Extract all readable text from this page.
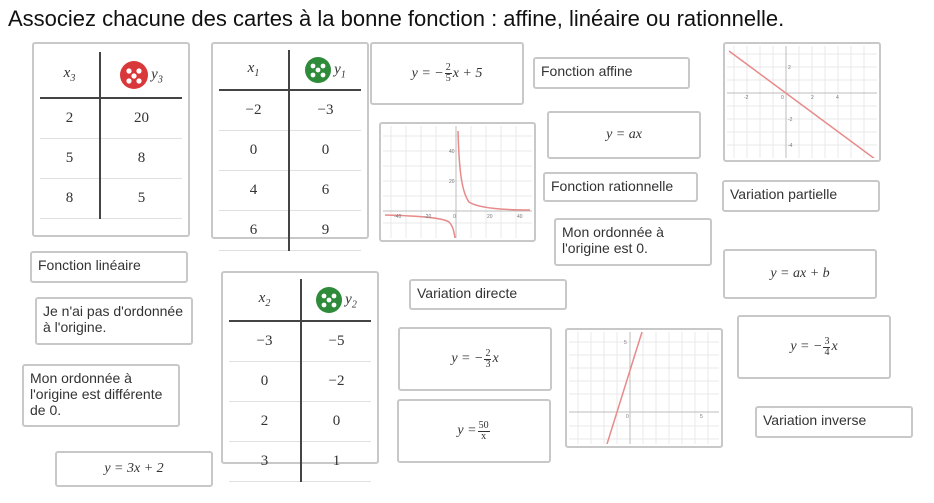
Associez chacune des cartes à la bonne fonction : affine, linéaire ou rationnelle.
$x_3$	$y_3$
2	20
5	8
8	5
$x_1$	$y_1$
−2	−3
0	0
4	6
6	9
$x_2$	$y_2$
−3	−5
0	−2
2	0
3	1
y = − $\frac{2}{5}$ x + 5
y = ax
y = ax + b
y = − $\frac{3}{4}$ x
y = − $\frac{2}{3}$ x
$y = \frac{50}{x}$
y = 3x + 2
Fonction affine
Fonction rationnelle	Variation partielle
Mon ordonnée à l'origine est 0.
Fonction linéaire
Variation directe
Je n'ai pas d'ordonnée à l'origine.
Mon ordonnée à l'origine est différente de 0.
Variation inverse
-40	-20	0	20	40
40
20
-2	0	2	4
2
-2
-4
0	5
5
